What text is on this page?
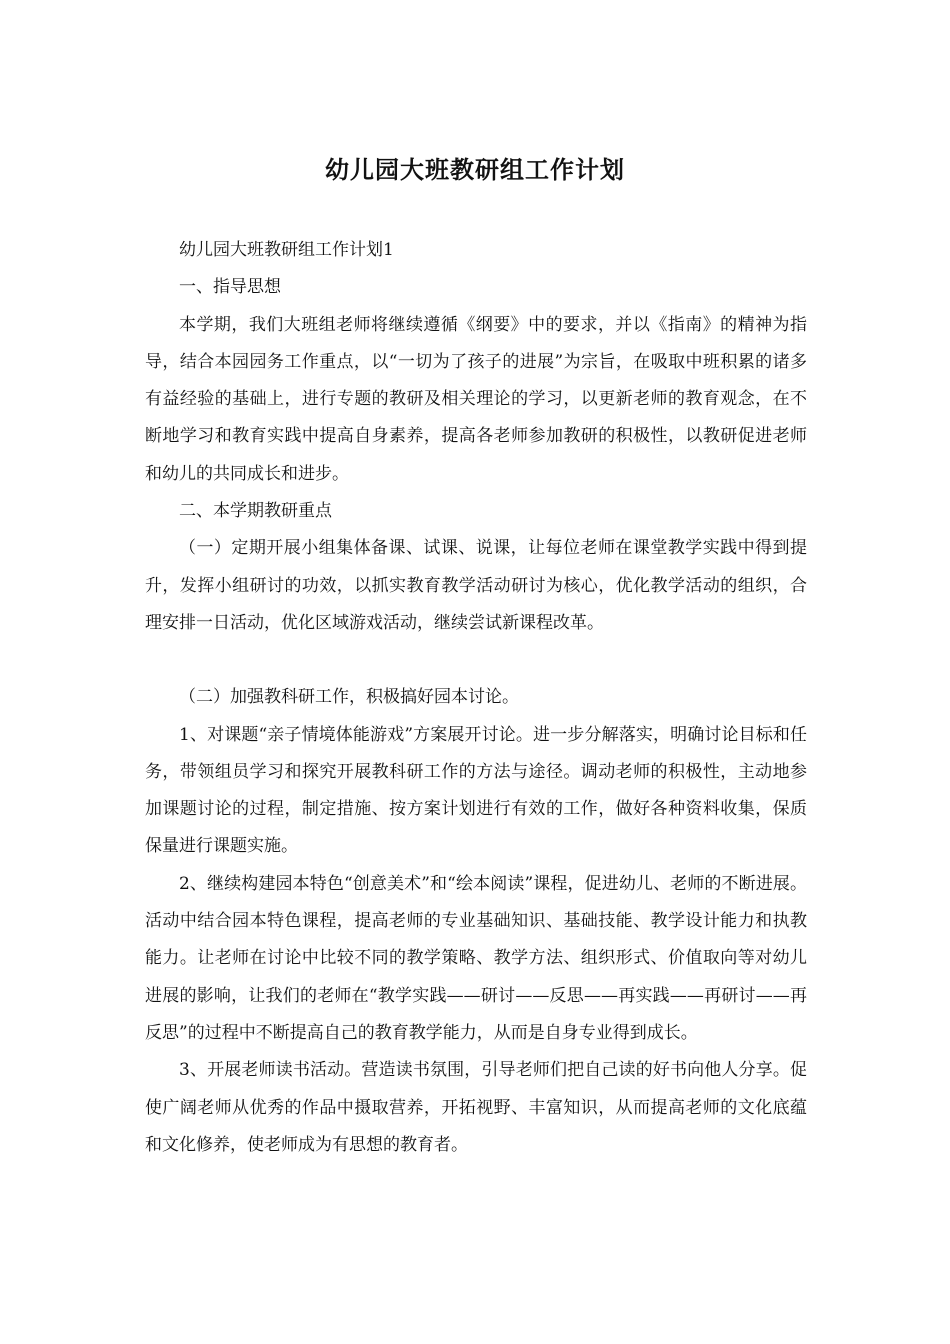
幼儿园大班教研组工作计划

幼儿园大班教研组工作计划1

一、指导思想

本学期，我们大班组老师将继续遵循《纲要》中的要求，并以《指南》的精神为指导，结合本园园务工作重点，以“一切为了孩子的进展”为宗旨，在吸取中班积累的诸多有益经验的基础上，进行专题的教研及相关理论的学习，以更新老师的教育观念，在不断地学习和教育实践中提高自身素养，提高各老师参加教研的积极性，以教研促进老师和幼儿的共同成长和进步。

二、本学期教研重点

（一）定期开展小组集体备课、试课、说课，让每位老师在课堂教学实践中得到提升，发挥小组研讨的功效，以抓实教育教学活动研讨为核心，优化教学活动的组织，合理安排一日活动，优化区域游戏活动，继续尝试新课程改革。

（二）加强教科研工作，积极搞好园本讨论。

1、对课题“亲子情境体能游戏”方案展开讨论。进一步分解落实，明确讨论目标和任务，带领组员学习和探究开展教科研工作的方法与途径。调动老师的积极性，主动地参加课题讨论的过程，制定措施、按方案计划进行有效的工作，做好各种资料收集，保质保量进行课题实施。

2、继续构建园本特色“创意美术”和“绘本阅读”课程，促进幼儿、老师的不断进展。活动中结合园本特色课程，提高老师的专业基础知识、基础技能、教学设计能力和执教能力。让老师在讨论中比较不同的教学策略、教学方法、组织形式、价值取向等对幼儿进展的影响，让我们的老师在“教学实践——研讨——反思——再实践——再研讨——再反思”的过程中不断提高自己的教育教学能力，从而是自身专业得到成长。

3、开展老师读书活动。营造读书氛围，引导老师们把自己读的好书向他人分享。促使广阔老师从优秀的作品中摄取营养，开拓视野、丰富知识，从而提高老师的文化底蕴和文化修养，使老师成为有思想的教育者。
